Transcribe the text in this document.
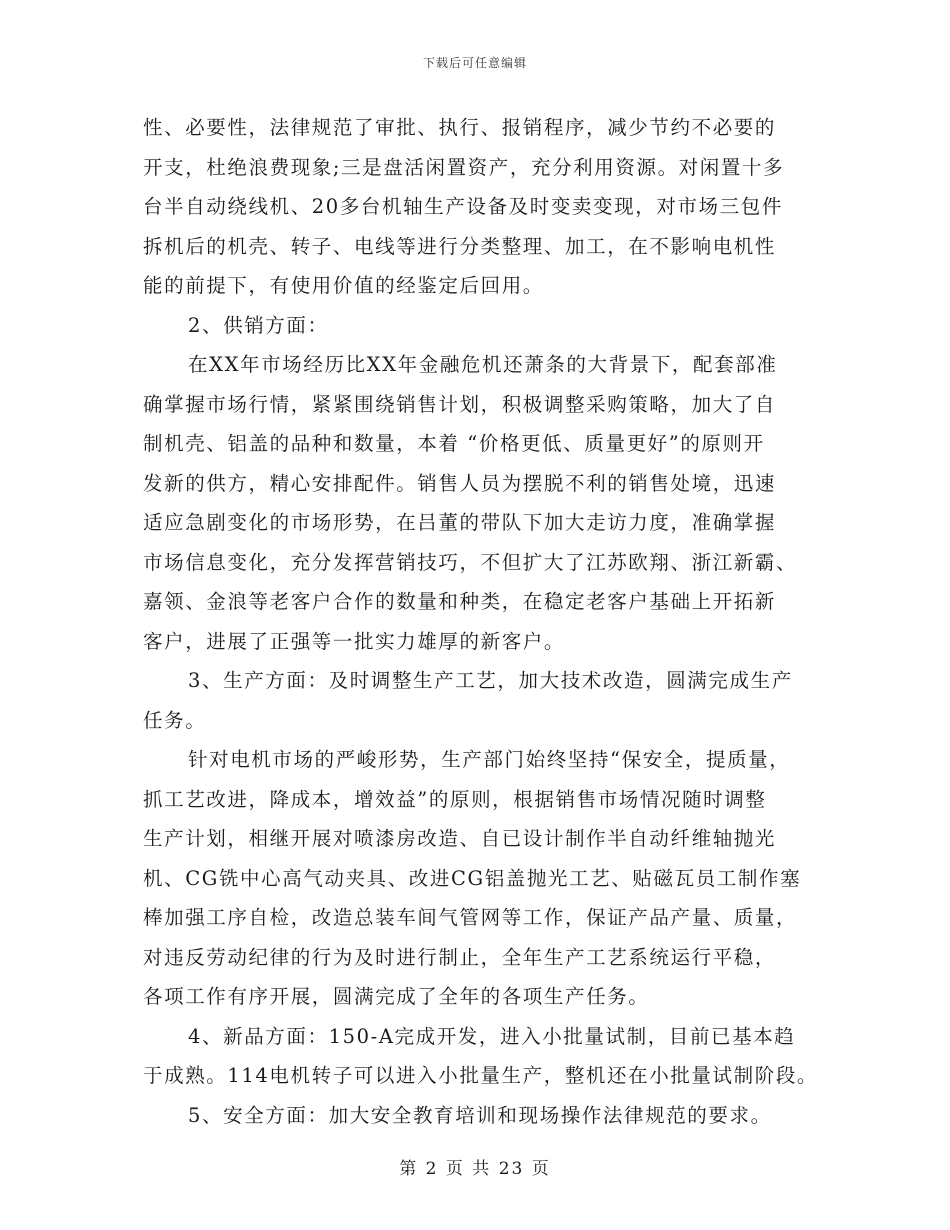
下载后可任意编辑
性、必要性，法律规范了审批、执行、报销程序，减少节约不必要的
开支，杜绝浪费现象;三是盘活闲置资产，充分利用资源。对闲置十多
台半自动绕线机、20多台机轴生产设备及时变卖变现，对市场三包件
拆机后的机壳、转子、电线等进行分类整理、加工，在不影响电机性
能的前提下，有使用价值的经鉴定后回用。
2、供销方面：
在XX年市场经历比XX年金融危机还萧条的大背景下，配套部准
确掌握市场行情，紧紧围绕销售计划，积极调整采购策略，加大了自
制机壳、铝盖的品种和数量，本着 “价格更低、质量更好”的原则开
发新的供方，精心安排配件。销售人员为摆脱不利的销售处境，迅速
适应急剧变化的市场形势，在吕董的带队下加大走访力度，准确掌握
市场信息变化，充分发挥营销技巧，不但扩大了江苏欧翔、浙江新霸、
嘉领、金浪等老客户合作的数量和种类，在稳定老客户基础上开拓新
客户，进展了正强等一批实力雄厚的新客户。
3、生产方面：及时调整生产工艺，加大技术改造，圆满完成生产
任务。
针对电机市场的严峻形势，生产部门始终坚持“保安全，提质量，
抓工艺改进，降成本，增效益”的原则，根据销售市场情况随时调整
生产计划，相继开展对喷漆房改造、自已设计制作半自动纤维轴抛光
机、CG铣中心高气动夹具、改进CG铝盖抛光工艺、贴磁瓦员工制作塞
棒加强工序自检，改造总装车间气管网等工作，保证产品产量、质量，
对违反劳动纪律的行为及时进行制止，全年生产工艺系统运行平稳，
各项工作有序开展，圆满完成了全年的各项生产任务。
4、新品方面：150-A完成开发，进入小批量试制，目前已基本趋
于成熟。114电机转子可以进入小批量生产，整机还在小批量试制阶段。
5、安全方面：加大安全教育培训和现场操作法律规范的要求。
第 2 页 共 23 页
